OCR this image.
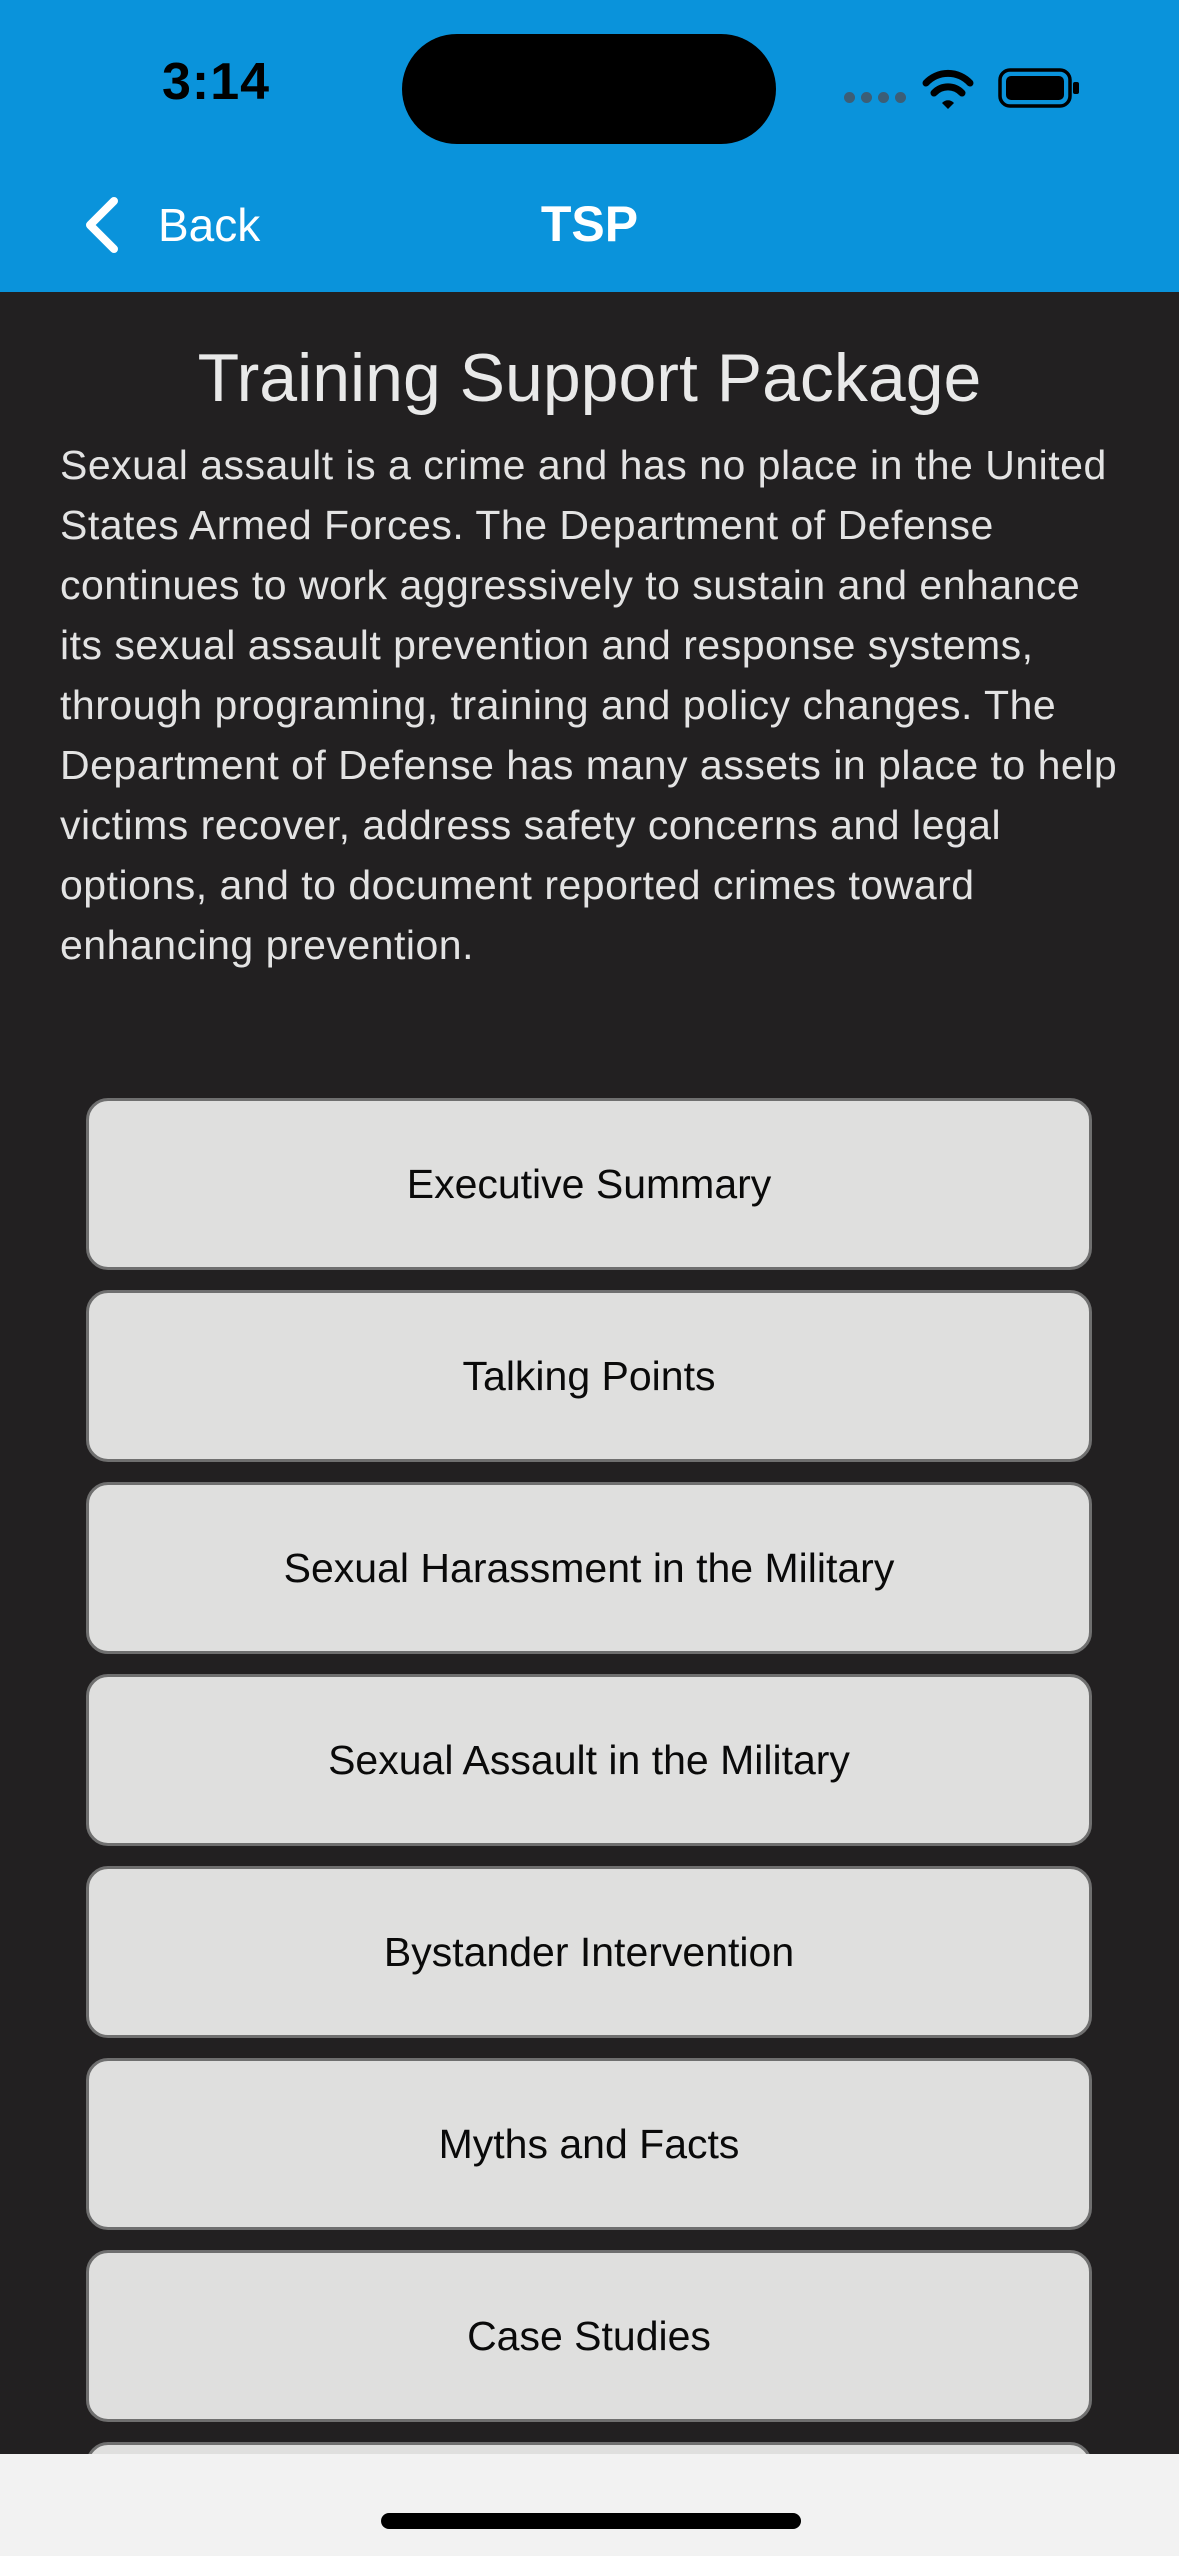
3:14
Back	TSP
Training Support Package
Sexual assault is a crime and has no place in the United States Armed Forces. The Department of Defense continues to work aggressively to sustain and enhance its sexual assault prevention and response systems, through programing, training and policy changes. The Department of Defense has many assets in place to help victims recover, address safety concerns and legal options, and to document reported crimes toward enhancing prevention.
Executive Summary
Talking Points
Sexual Harassment in the Military
Sexual Assault in the Military
Bystander Intervention
Myths and Facts
Case Studies
